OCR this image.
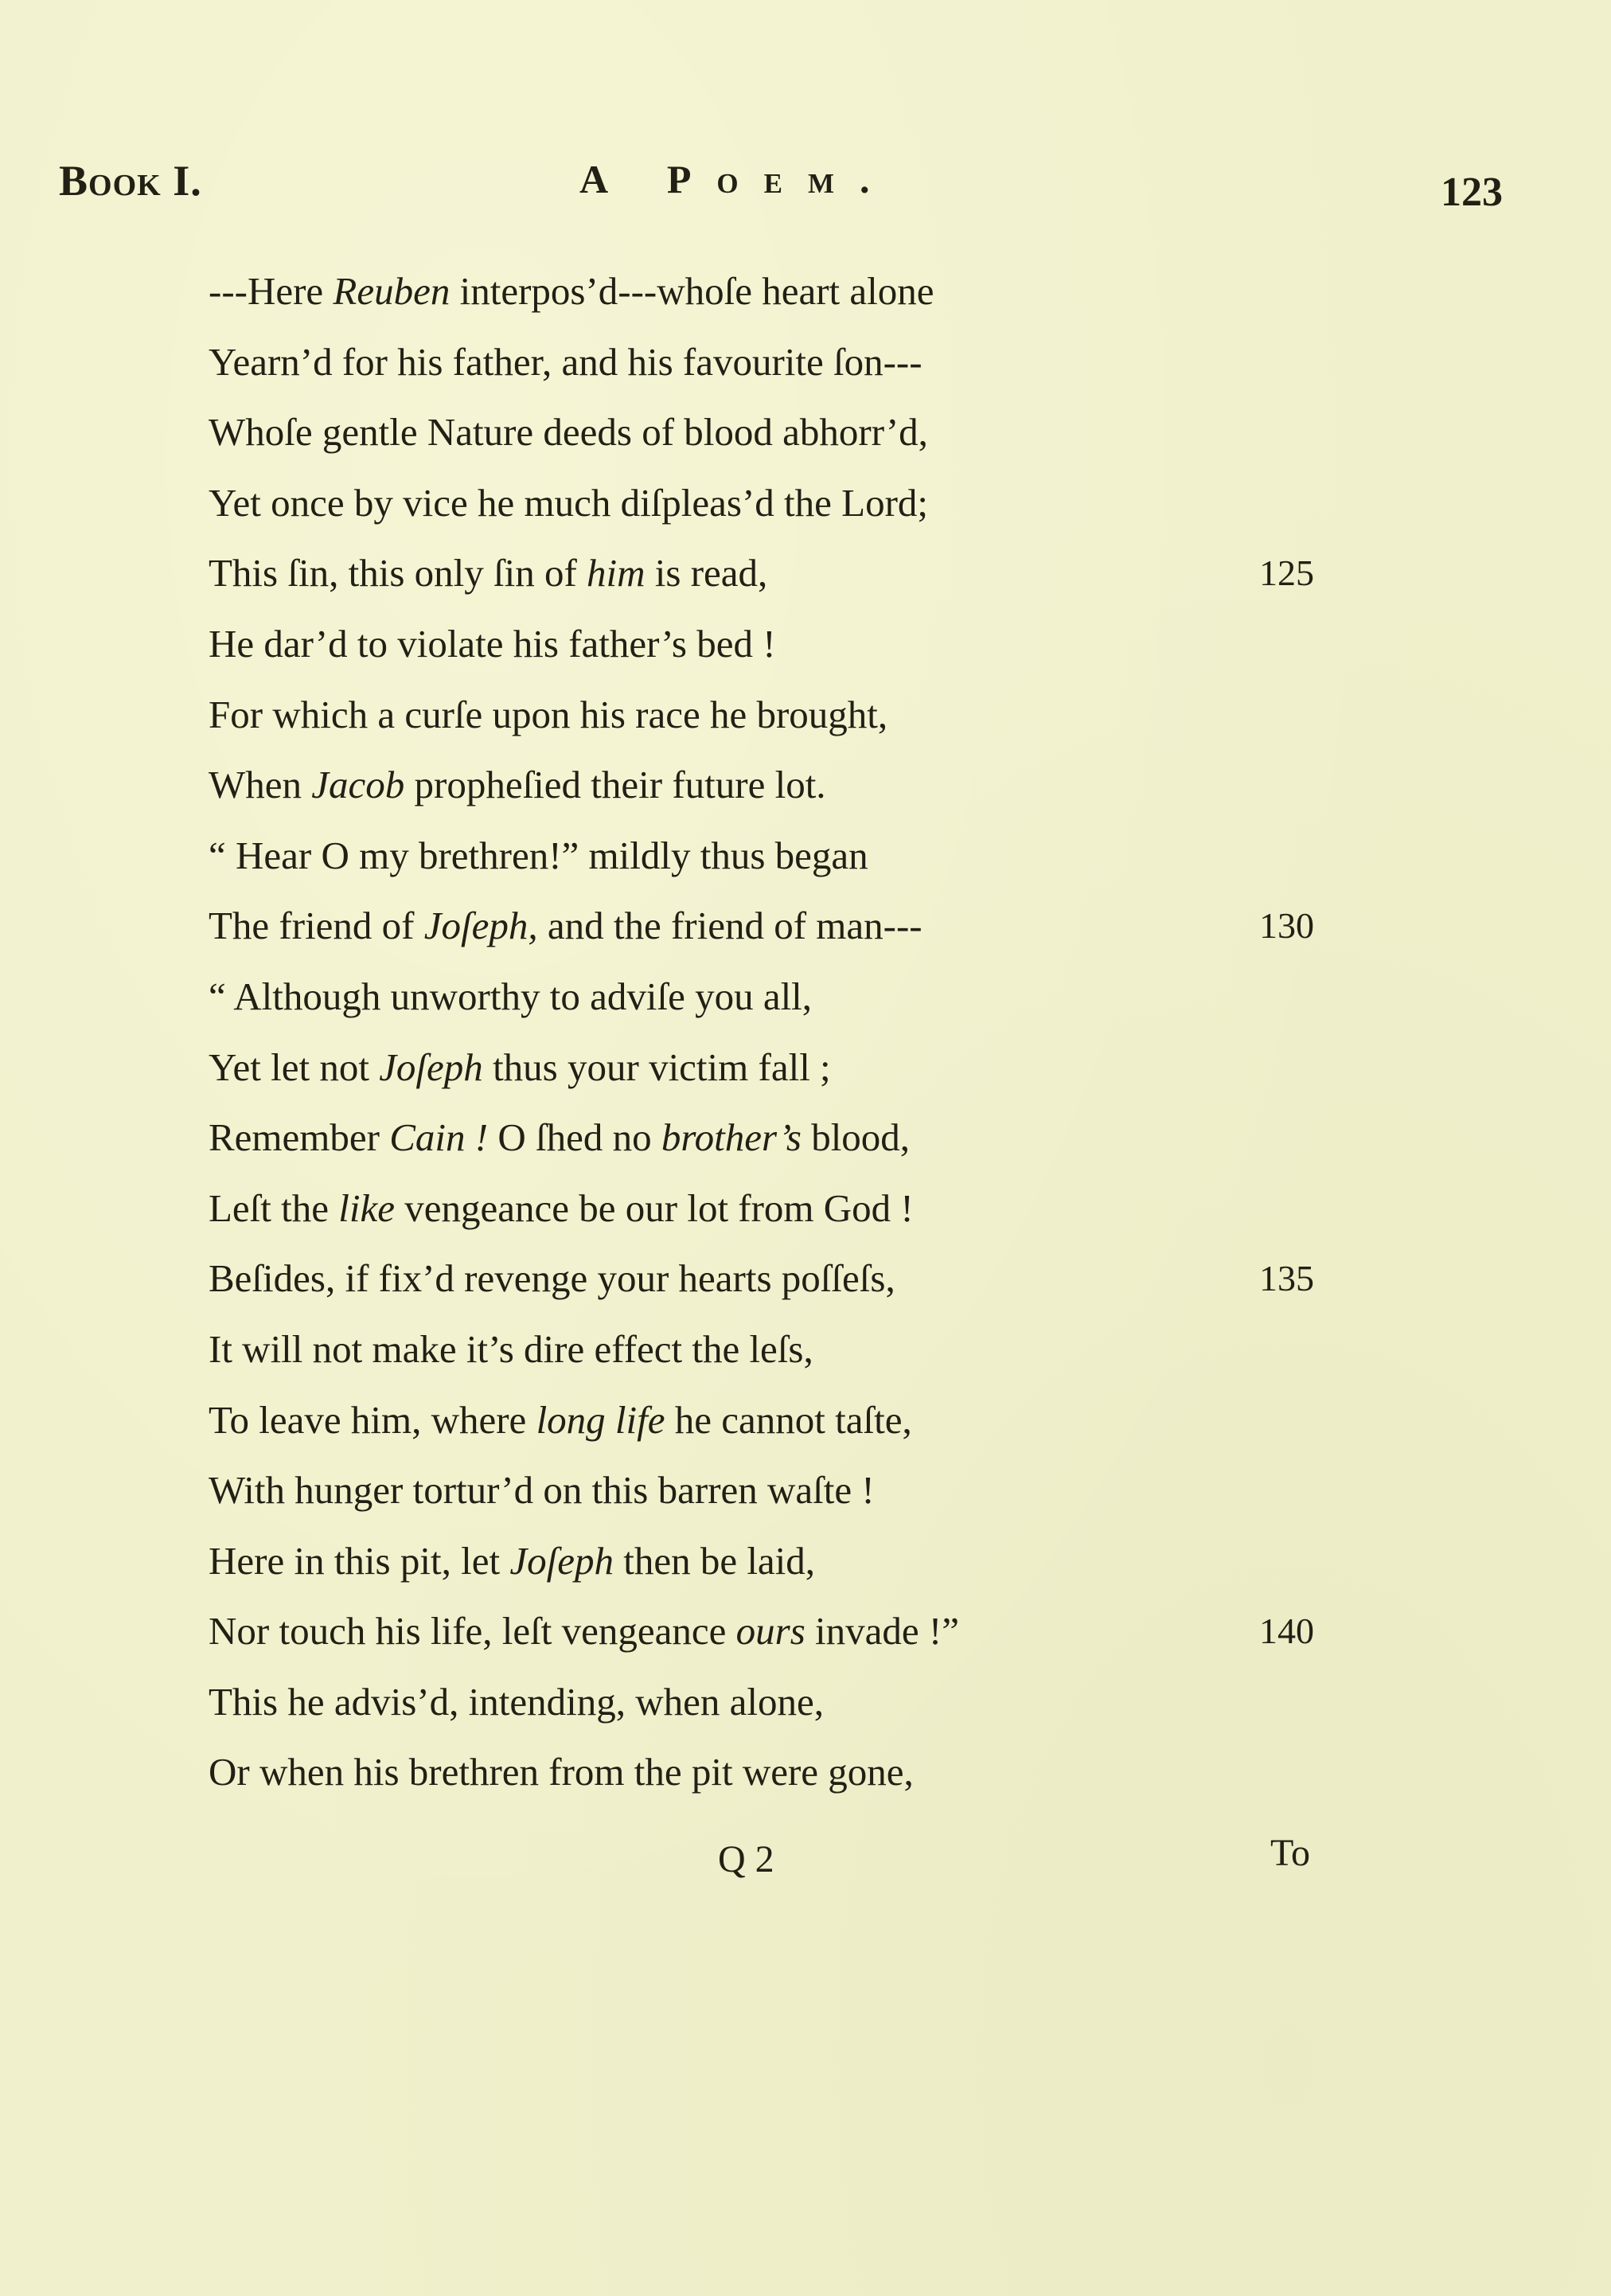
Book I.	A Poem.	123
---Here Reuben interpos’d---whoſe heart alone
Yearn’d for his father, and his favourite ſon---
Whoſe gentle Nature deeds of blood abhorr’d,
Yet once by vice he much diſpleas’d the Lord;
This ſin, this only ſin of him is read,	125
He dar’d to violate his father’s bed !
For which a curſe upon his race he brought,
When Jacob propheſied their future lot.
“ Hear O my brethren!” mildly thus began
The friend of Joſeph, and the friend of man---	130
“ Although unworthy to adviſe you all,
Yet let not Joſeph thus your victim fall ;
Remember Cain ! O ſhed no brother’s blood,
Leſt the like vengeance be our lot from God !
Beſides, if fix’d revenge your hearts poſſeſs,	135
It will not make it’s dire effect the leſs,
To leave him, where long life he cannot taſte,
With hunger tortur’d on this barren waſte !
Here in this pit, let Joſeph then be laid,
Nor touch his life, leſt vengeance ours invade !”	140
This he advis’d, intending, when alone,
Or when his brethren from the pit were gone,
Q 2	To
